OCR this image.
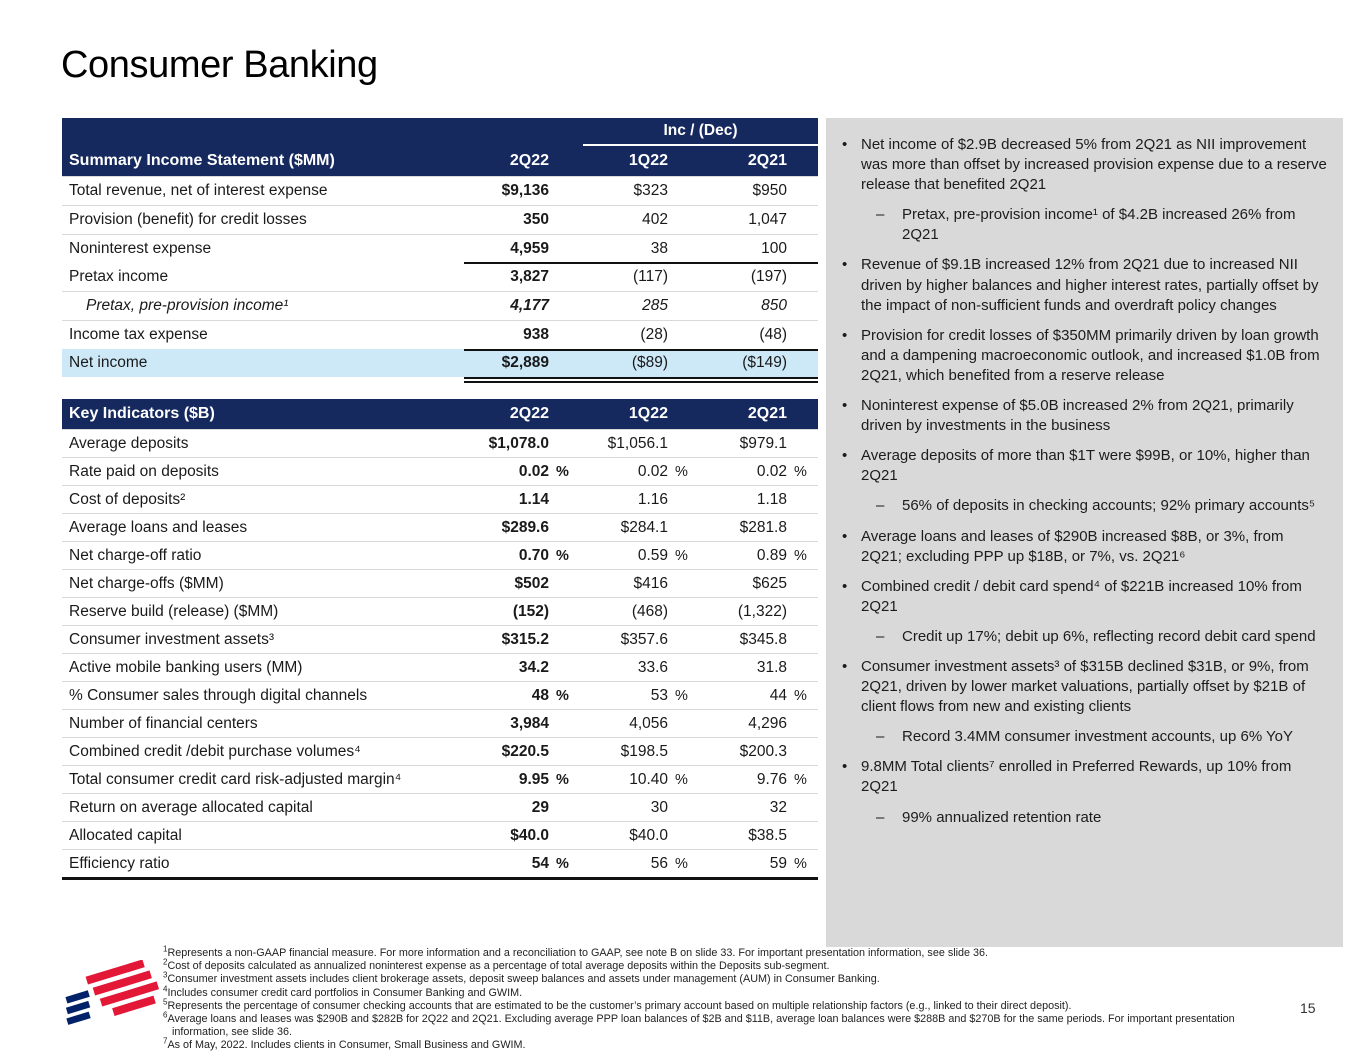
Consumer Banking
Inc / (Dec)
Summary Income Statement ($MM)	2Q22	1Q22	2Q21
Total revenue, net of interest expense	$9,136	$323	$950
Provision (benefit) for credit losses	350	402	1,047
Noninterest expense	4,959	38	100
Pretax income	3,827	(117)	(197)
Pretax, pre-provision income¹	4,177	285	850
Income tax expense	938	(28)	(48)
Net income	$2,889	($89)	($149)
Key Indicators ($B)	2Q22	1Q22	2Q21
Average deposits	$1,078.0	$1,056.1	$979.1
Rate paid on deposits	0.02 %	0.02 %	0.02 %
Cost of deposits²	1.14	1.16	1.18
Average loans and leases	$289.6	$284.1	$281.8
Net charge-off ratio	0.70 %	0.59 %	0.89 %
Net charge-offs ($MM)	$502	$416	$625
Reserve build (release) ($MM)	(152)	(468)	(1,322)
Consumer investment assets³	$315.2	$357.6	$345.8
Active mobile banking users (MM)	34.2	33.6	31.8
% Consumer sales through digital channels	48 %	53 %	44 %
Number of financial centers	3,984	4,056	4,296
Combined credit /debit purchase volumes⁴	$220.5	$198.5	$200.3
Total consumer credit card risk-adjusted margin⁴	9.95 %	10.40 %	9.76 %
Return on average allocated capital	29	30	32
Allocated capital	$40.0	$40.0	$38.5
Efficiency ratio	54 %	56 %	59 %
• Net income of $2.9B decreased 5% from 2Q21 as NII improvement was more than offset by increased provision expense due to a reserve release that benefited 2Q21
–	Pretax, pre-provision income¹ of $4.2B increased 26% from 2Q21
• Revenue of $9.1B increased 12% from 2Q21 due to increased NII driven by higher balances and higher interest rates, partially offset by the impact of non-sufficient funds and overdraft policy changes
• Provision for credit losses of $350MM primarily driven by loan growth and a dampening macroeconomic outlook, and increased $1.0B from 2Q21, which benefited from a reserve release
• Noninterest expense of $5.0B increased 2% from 2Q21, primarily driven by investments in the business
• Average deposits of more than $1T were $99B, or 10%, higher than 2Q21
–	56% of deposits in checking accounts; 92% primary accounts⁵
• Average loans and leases of $290B increased $8B, or 3%, from 2Q21; excluding PPP up $18B, or 7%, vs. 2Q21⁶
• Combined credit / debit card spend⁴ of $221B increased 10% from 2Q21
–	Credit up 17%; debit up 6%, reflecting record debit card spend
• Consumer investment assets³ of $315B declined $31B, or 9%, from 2Q21, driven by lower market valuations, partially offset by $21B of client flows from new and existing clients
–	Record 3.4MM consumer investment accounts, up 6% YoY
• 9.8MM Total clients⁷ enrolled in Preferred Rewards, up 10% from 2Q21
–	99% annualized retention rate
$^1$Represents a non-GAAP financial measure. For more information and a reconciliation to GAAP, see note B on slide 33. For important presentation information, see slide 36.
$^2$Cost of deposits calculated as annualized noninterest expense as a percentage of total average deposits within the Deposits sub-segment.
$^3$Consumer investment assets includes client brokerage assets, deposit sweep balances and assets under management (AUM) in Consumer Banking.
$^4$Includes consumer credit card portfolios in Consumer Banking and GWIM.
$^5$Represents the percentage of consumer checking accounts that are estimated to be the customer’s primary account based on multiple relationship factors (e.g., linked to their direct deposit).
$^6$Average loans and leases was $290B and $282B for 2Q22 and 2Q21. Excluding average PPP loan balances of $2B and $11B, average loan balances were $288B and $270B for the same periods. For important presentation information, see slide 36.
$^7$As of May, 2022. Includes clients in Consumer, Small Business and GWIM.
15
